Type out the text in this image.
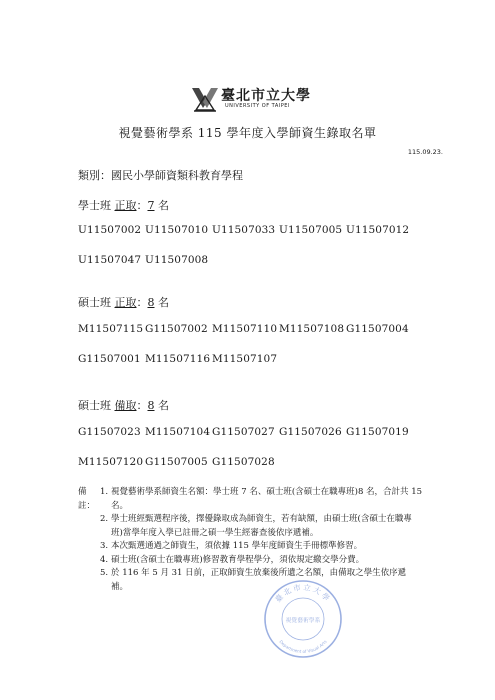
臺北市立大學
UNIVERSITY OF TAIPEI
視覺藝術學系 115 學年度入學師資生錄取名單
115.09.23.
類別：國民小學師資類科教育學程
學士班 正取：7 名
U11507002 U11507010 U11507033 U11507005 U11507012
U11507047 U11507008
碩士班 正取：8 名
M11507115 G11507002 M11507110 M11507108 G11507004
G11507001 M11507116 M11507107
碩士班 備取：8 名
G11507023 M11507104 G11507027 G11507026 G11507019
M11507120 G11507005 G11507028
備註：
1. 視覺藝術學系師資生名額：學士班 7 名、碩士班(含碩士在職專班)8 名，合計共 15 名。
2. 學士班經甄選程序後，擇優錄取成為師資生，若有缺額，由碩士班(含碩士在職專班)當學年度入學已註冊之碩一學生經審查後依序遞補。
3. 本次甄選通過之師資生，須依據 115 學年度師資生手冊標準修習。
4. 碩士班(含碩士在職專班)修習教育學程學分，須依規定繳交學分費。
5. 於 116 年 5 月 31 日前，正取師資生放棄後所遺之名額，由備取之學生依序遞補。
臺北市立大學
視覺藝術學系
Department of Visual Arts
